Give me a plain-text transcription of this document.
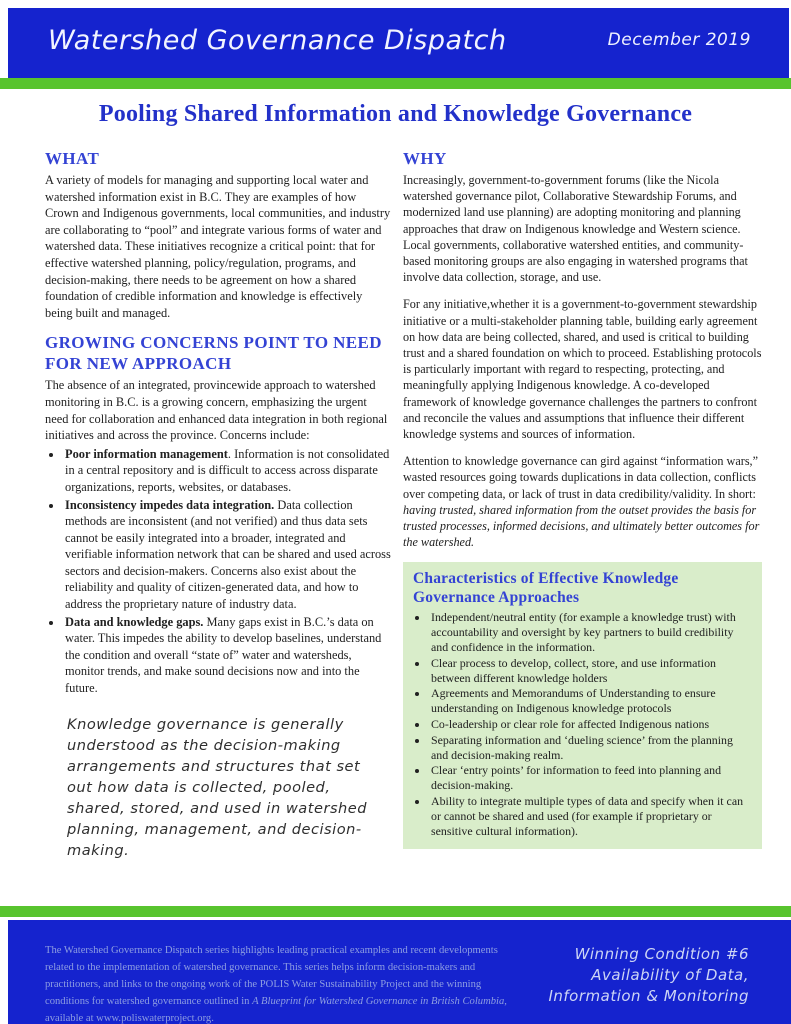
Watershed Governance Dispatch	December 2019
Pooling Shared Information and Knowledge Governance
WHAT

A variety of models for managing and supporting local water and watershed information exist in B.C. They are examples of how Crown and Indigenous governments, local communities, and industry are collaborating to “pool” and integrate various forms of water and watershed data. These initiatives recognize a critical point: that for effective watershed planning, policy/regulation, programs, and decision-making, there needs to be agreement on how a shared foundation of credible information and knowledge is effectively being built and managed.

GROWING CONCERNS POINT TO NEED FOR NEW APPROACH

The absence of an integrated, provincewide approach to watershed monitoring in B.C. is a growing concern, emphasizing the urgent need for collaboration and enhanced data integration in both regional initiatives and across the province. Concerns include:

• Poor information management. Information is not consolidated in a central repository and is difficult to access across disparate organizations, reports, websites, or databases.
• Inconsistency impedes data integration. Data collection methods are inconsistent (and not verified) and thus data sets cannot be easily integrated into a broader, integrated and verifiable information network that can be shared and used across sectors and decision-makers. Concerns also exist about the reliability and quality of citizen-generated data, and how to address the proprietary nature of industry data.
• Data and knowledge gaps. Many gaps exist in B.C.’s data on water. This impedes the ability to develop baselines, understand the condition and overall “state of” water and watersheds, monitor trends, and make sound decisions now and into the future.
Knowledge governance is generally understood as the decision-making arrangements and structures that set out how data is collected, pooled, shared, stored, and used in watershed planning, management, and decision-making.
WHY

Increasingly, government-to-government forums (like the Nicola watershed governance pilot, Collaborative Stewardship Forums, and modernized land use planning) are adopting monitoring and planning approaches that draw on Indigenous knowledge and Western science. Local governments, collaborative watershed entities, and community-based monitoring groups are also engaging in watershed programs that involve data collection, storage, and use.

For any initiative,whether it is a government-to-government stewardship initiative or a multi-stakeholder planning table, building early agreement on how data are being collected, shared, and used is critical to building trust and a shared foundation on which to proceed. Establishing protocols is particularly important with regard to respecting, protecting, and meaningfully applying Indigenous knowledge. A co-developed framework of knowledge governance challenges the partners to confront and reconcile the values and assumptions that influence their different knowledge systems and sources of information.

Attention to knowledge governance can gird against “information wars,” wasted resources going towards duplications in data collection, conflicts over competing data, or lack of trust in data credibility/validity. In short: having trusted, shared information from the outset provides the basis for trusted processes, informed decisions, and ultimately better outcomes for the watershed.

Characteristics of Effective Knowledge Governance Approaches
• Independent/neutral entity (for example a knowledge trust) with accountability and oversight by key partners to build credibility and confidence in the information.
• Clear process to develop, collect, store, and use information between different knowledge holders
• Agreements and Memorandums of Understanding to ensure understanding on Indigenous knowledge protocols
• Co-leadership or clear role for affected Indigenous nations
• Separating information and ‘dueling science’ from the planning and decision-making realm.
• Clear ‘entry points’ for information to feed into planning and decision-making.
• Ability to integrate multiple types of data and specify when it can or cannot be shared and used (for example if proprietary or sensitive cultural information).
The Watershed Governance Dispatch series highlights leading practical examples and recent developments related to the implementation of watershed governance. This series helps inform decision-makers and practitioners, and links to the ongoing work of the POLIS Water Sustainability Project and the winning conditions for watershed governance outlined in A Blueprint for Watershed Governance in British Columbia, available at www.poliswaterproject.org.
Winning Condition #6
Availability of Data,
Information & Monitoring
